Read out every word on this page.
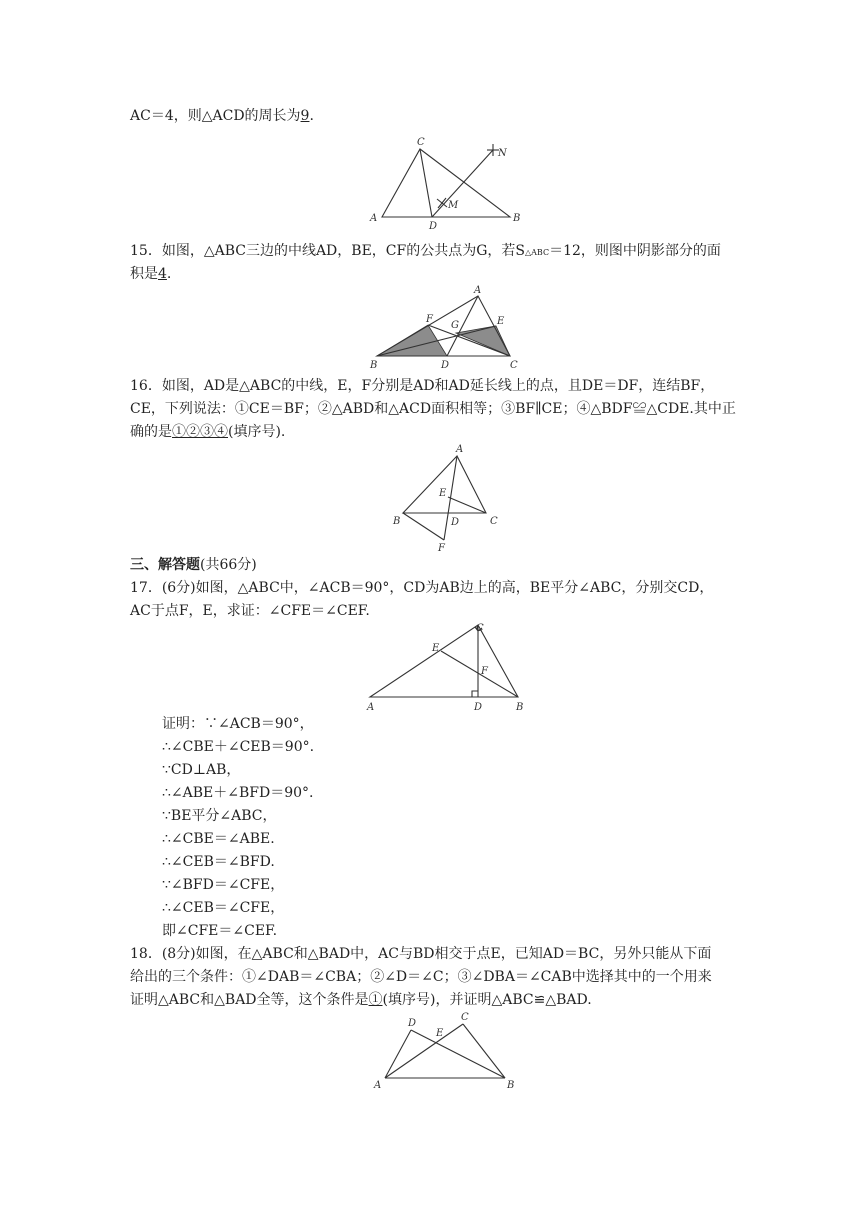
AC＝4，则△ACD的周长为9.
C
N
M
A
D
B
15．如图，△ABC三边的中线AD，BE，CF的公共点为G，若S△ABC＝12，则图中阴影部分的面
积是4.
A
F
G	E
B	D	C
16．如图，AD是△ABC的中线，E，F分别是AD和AD延长线上的点，且DE＝DF，连结BF，
CE，下列说法：①CE＝BF；②△ABD和△ACD面积相等；③BF∥CE；④△BDF≌△CDE.其中正
确的是①②③④(填序号).
A
E
B	D	C
F
三、解答题(共66分)
17．(6分)如图，△ABC中，∠ACB＝90°，CD为AB边上的高，BE平分∠ABC，分别交CD，
AC于点F，E，求证：∠CFE＝∠CEF.
C
E
F
A	D	B
证明：∵∠ACB＝90°，
∴∠CBE＋∠CEB＝90°.
∵CD⊥AB，
∴∠ABE＋∠BFD＝90°.
∵BE平分∠ABC，
∴∠CBE＝∠ABE.
∴∠CEB＝∠BFD.
∵∠BFD＝∠CFE，
∴∠CEB＝∠CFE，
即∠CFE＝∠CEF.
18．(8分)如图，在△ABC和△BAD中，AC与BD相交于点E，已知AD＝BC，另外只能从下面
给出的三个条件：①∠DAB＝∠CBA；②∠D＝∠C；③∠DBA＝∠CAB中选择其中的一个用来
证明△ABC和△BAD全等，这个条件是①(填序号)，并证明△ABC≌△BAD.
D
C
E
A	B
